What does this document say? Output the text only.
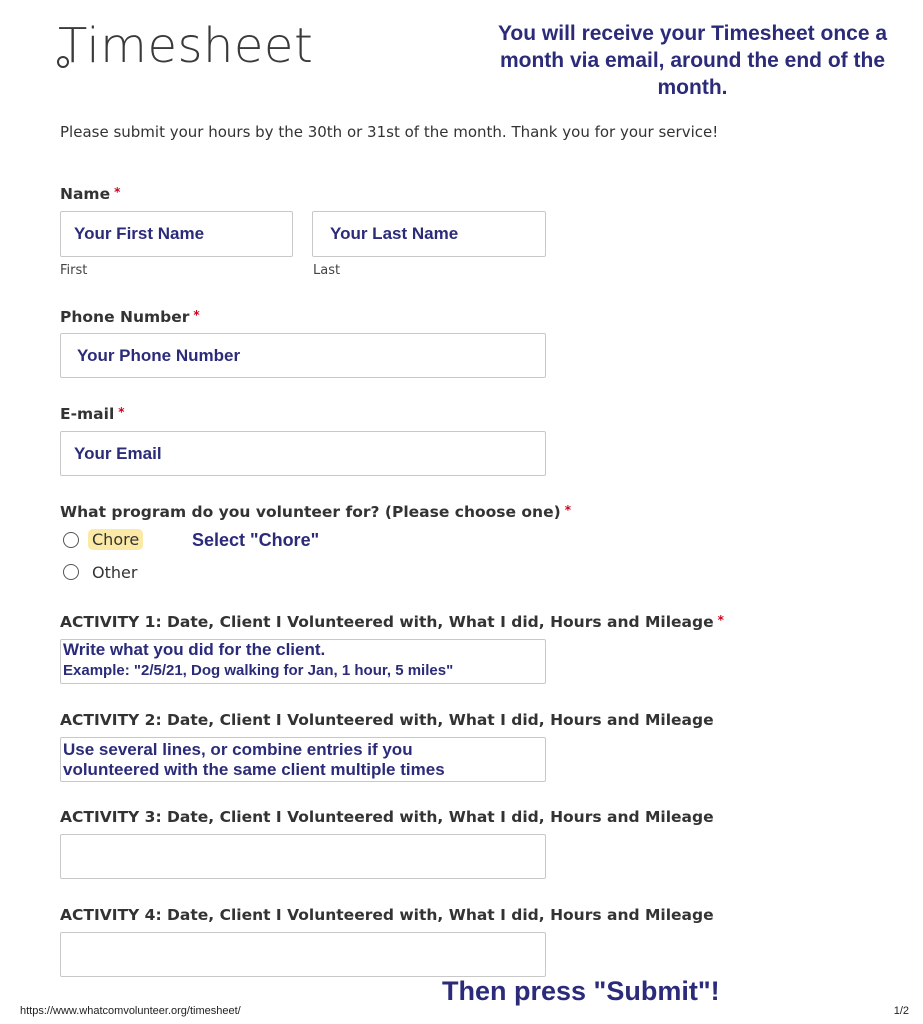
Timesheet	You will receive your Timesheet once a month via email, around the end of the month.
Please submit your hours by the 30th or 31st of the month. Thank you for your service!
Name *
Your First Name	Your Last Name
First	Last
Phone Number *
Your Phone Number
E-mail *
Your Email
What program do you volunteer for? (Please choose one) *
Chore	Select "Chore"
Other
ACTIVITY 1: Date, Client I Volunteered with, What I did, Hours and Mileage *
Write what you did for the client.
Example: "2/5/21, Dog walking for Jan, 1 hour, 5 miles"
ACTIVITY 2: Date, Client I Volunteered with, What I did, Hours and Mileage
Use several lines, or combine entries if you
volunteered with the same client multiple times
ACTIVITY 3: Date, Client I Volunteered with, What I did, Hours and Mileage
ACTIVITY 4: Date, Client I Volunteered with, What I did, Hours and Mileage
Then press "Submit"!
https://www.whatcomvolunteer.org/timesheet/	1/2
